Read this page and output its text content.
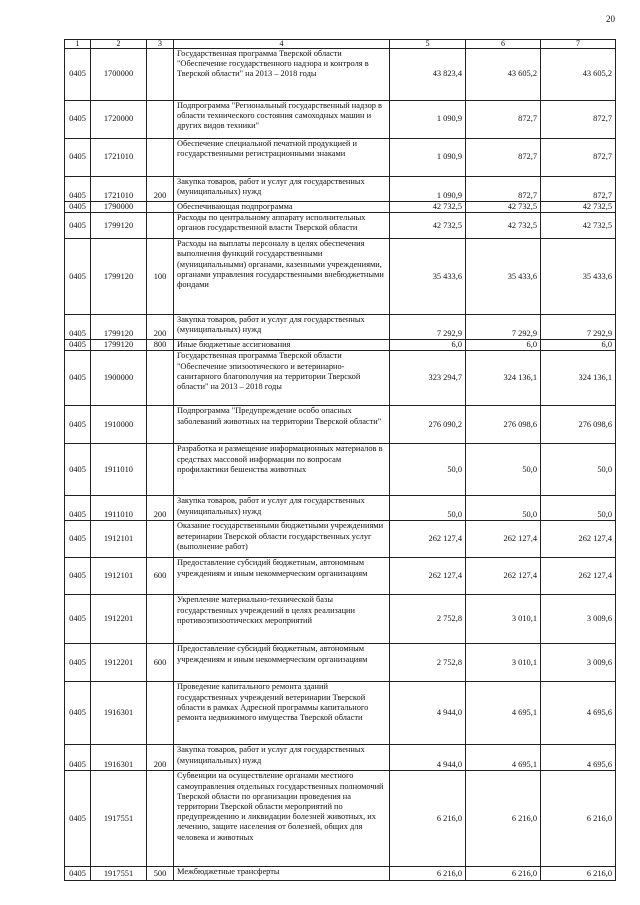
20
1	2	3	4	5	6	7
0405	1700000		Государственная программа Тверской области "Обеспечение государственного надзора и контроля в Тверской области" на 2013 – 2018 годы	43 823,4	43 605,2	43 605,2
0405	1720000		Подпрограмма "Региональный государственный надзор в области технического состояния самоходных машин и других видов техники"	1 090,9	872,7	872,7
0405	1721010		Обеспечение специальной печатной продукцией и государственными регистрационными знаками	1 090,9	872,7	872,7
0405	1721010	200	Закупка товаров, работ и услуг для государственных (муниципальных) нужд	1 090,9	872,7	872,7
0405	1790000		Обеспечивающая подпрограмма	42 732,5	42 732,5	42 732,5
0405	1799120		Расходы по центральному аппарату исполнительных органов государственной власти Тверской области	42 732,5	42 732,5	42 732,5
0405	1799120	100	Расходы на выплаты персоналу в целях обеспечения выполнения функций государственными (муниципальными) органами, казенными учреждениями, органами управления государственными внебюджетными фондами	35 433,6	35 433,6	35 433,6
0405	1799120	200	Закупка товаров, работ и услуг для государственных (муниципальных) нужд	7 292,9	7 292,9	7 292,9
0405	1799120	800	Иные бюджетные ассигнования	6,0	6,0	6,0
0405	1900000		Государственная программа Тверской области "Обеспечение эпизоотического и ветеринарно-санитарного благополучия на территории Тверской области" на 2013 – 2018 годы	323 294,7	324 136,1	324 136,1
0405	1910000		Подпрограмма "Предупреждение особо опасных заболеваний животных на территории Тверской области"	276 090,2	276 098,6	276 098,6
0405	1911010		Разработка и размещение информационных материалов в средствах массовой информации по вопросам профилактики бешенства животных	50,0	50,0	50,0
0405	1911010	200	Закупка товаров, работ и услуг для государственных (муниципальных) нужд	50,0	50,0	50,0
0405	1912101		Оказание государственными бюджетными учреждениями ветеринарии Тверской области государственных услуг (выполнение работ)	262 127,4	262 127,4	262 127,4
0405	1912101	600	Предоставление субсидий бюджетным, автономным учреждениям и иным некоммерческим организациям	262 127,4	262 127,4	262 127,4
0405	1912201		Укрепление материально-технической базы государственных учреждений в целях реализации противоэпизоотических мероприятий	2 752,8	3 010,1	3 009,6
0405	1912201	600	Предоставление субсидий бюджетным, автономным учреждениям и иным некоммерческим организациям	2 752,8	3 010,1	3 009,6
0405	1916301		Проведение капитального ремонта зданий государственных учреждений ветеринарии Тверской области в рамках Адресной программы капитального ремонта недвижимого имущества Тверской области	4 944,0	4 695,1	4 695,6
0405	1916301	200	Закупка товаров, работ и услуг для государственных (муниципальных) нужд	4 944,0	4 695,1	4 695,6
0405	1917551		Субвенции на осуществление органами местного самоуправления отдельных государственных полномочий Тверской области по организации проведения на территории Тверской области мероприятий по предупреждению и ликвидации болезней животных, их лечению, защите населения от болезней, общих для человека и животных	6 216,0	6 216,0	6 216,0
0405	1917551	500	Межбюджетные трансферты	6 216,0	6 216,0	6 216,0
